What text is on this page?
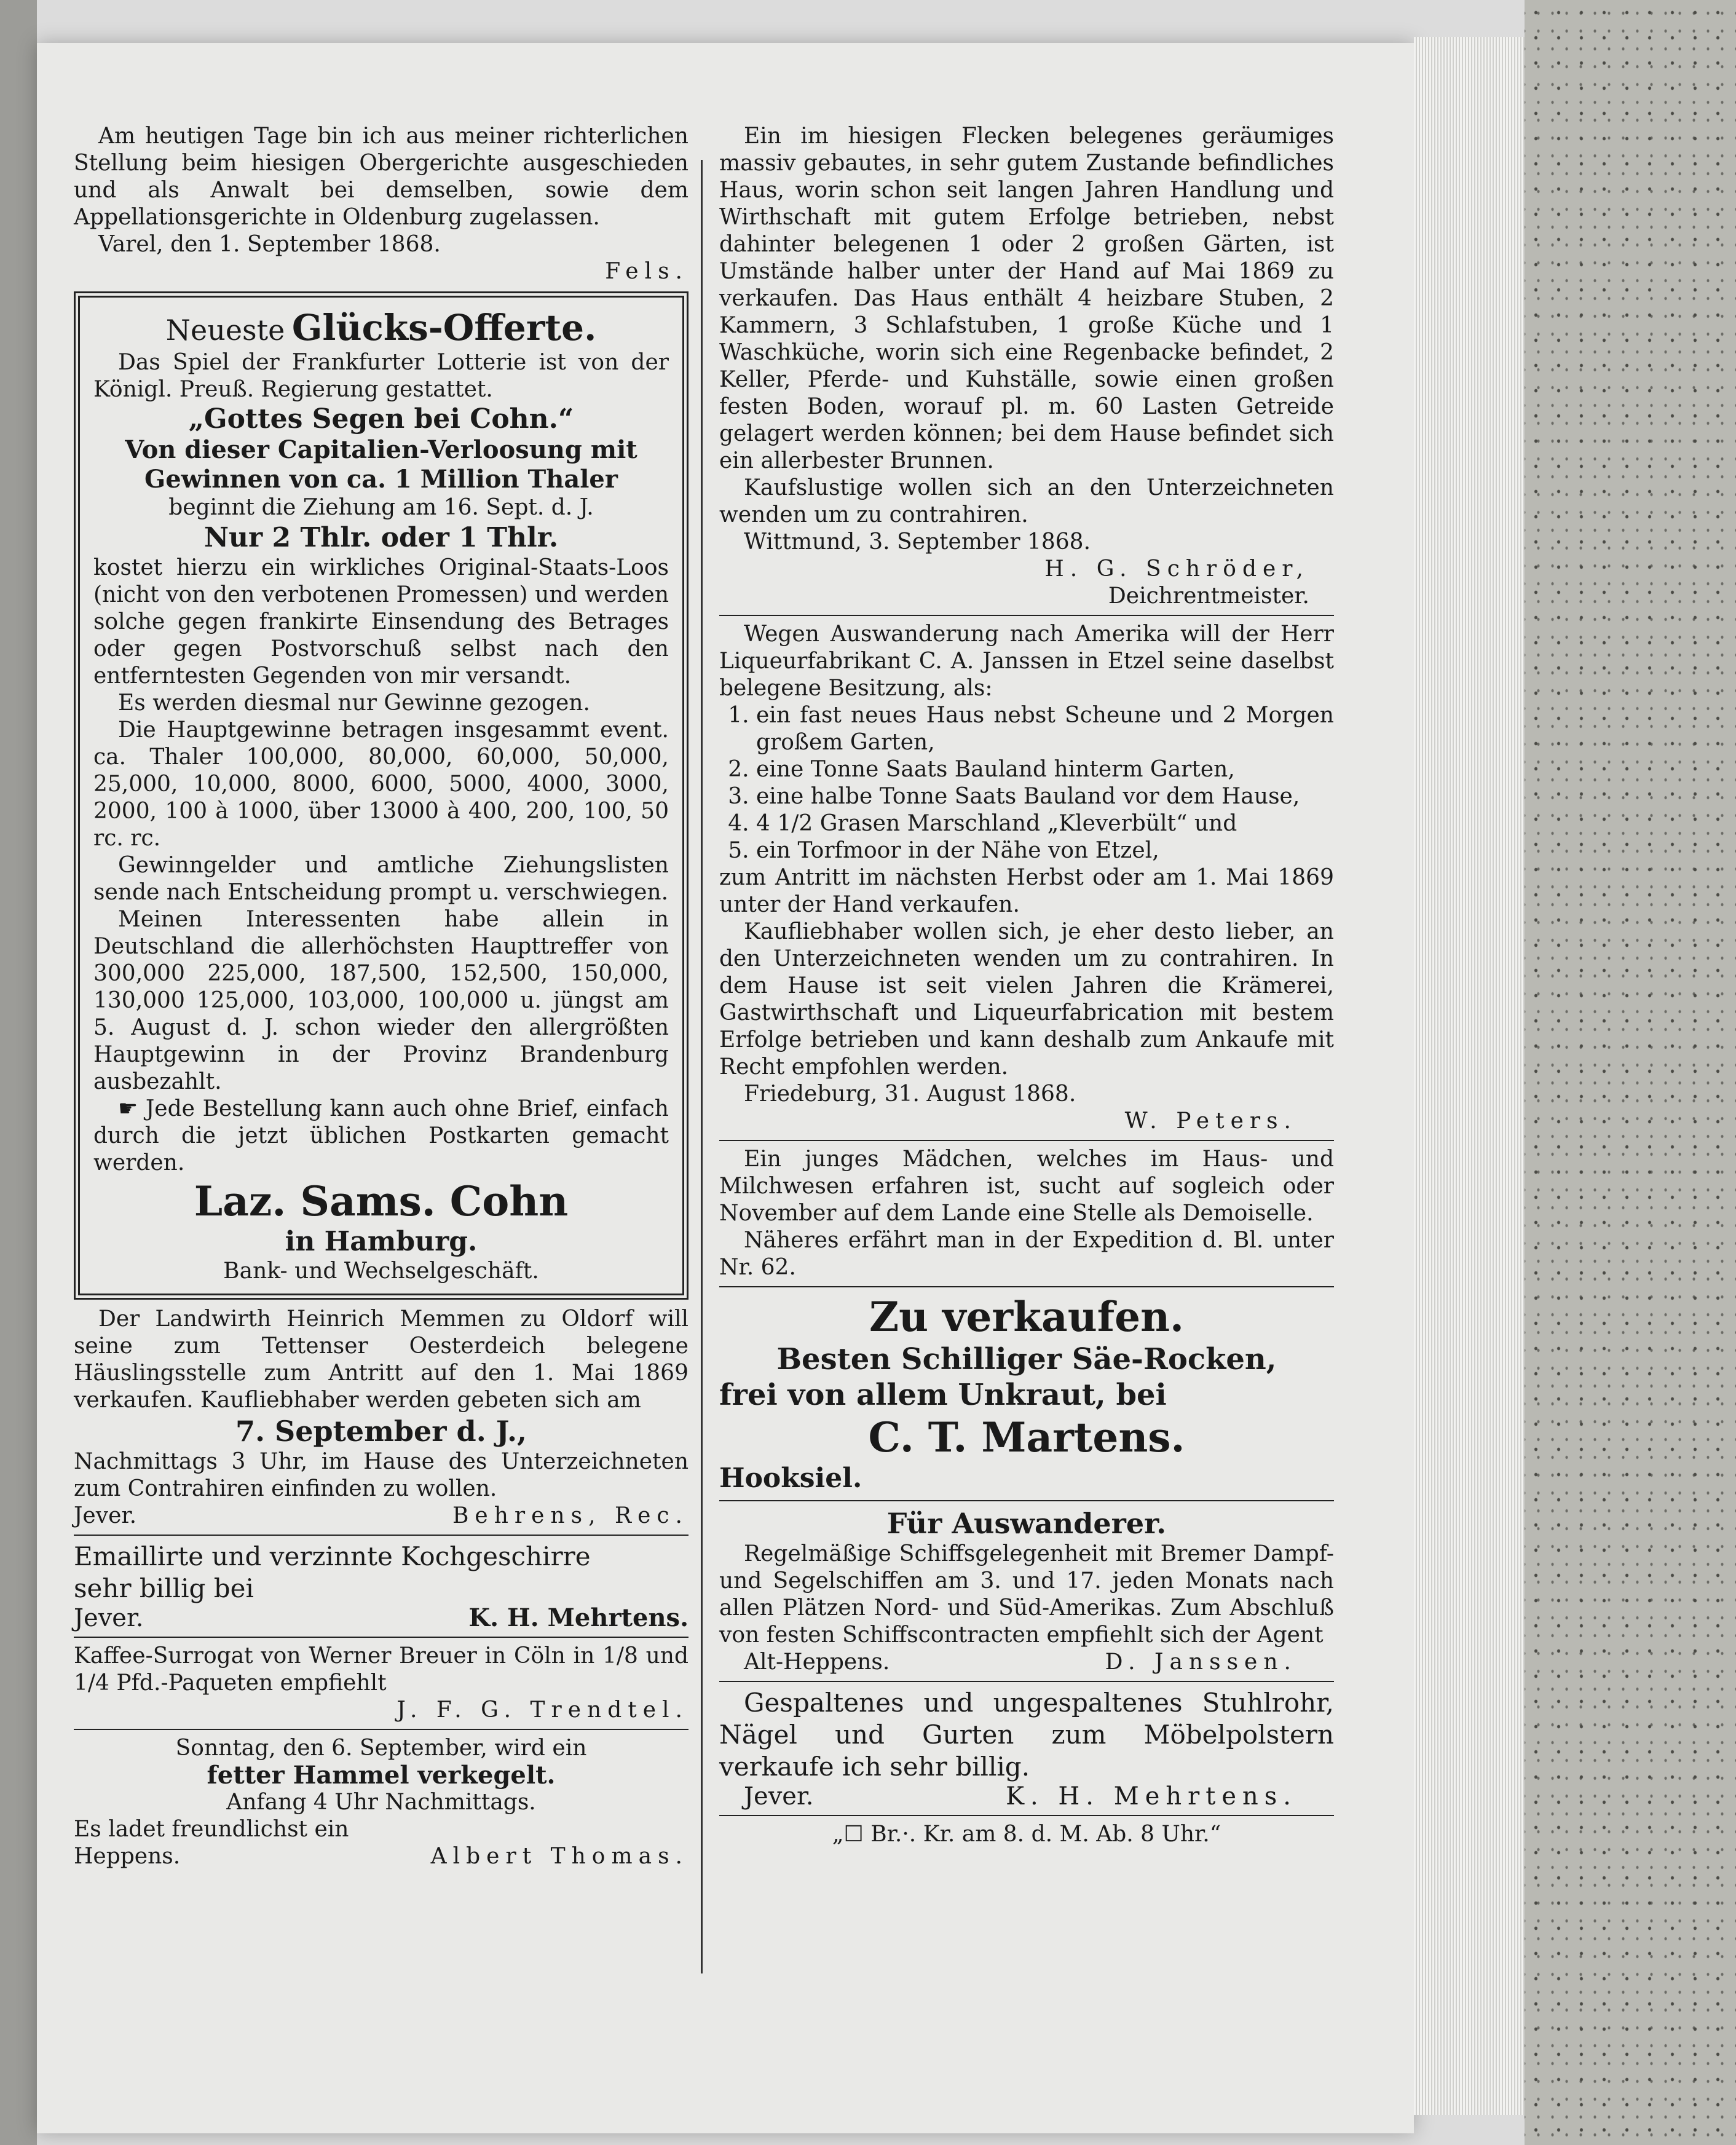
Am heutigen Tage bin ich aus meiner richterlichen Stellung beim hiesigen Obergerichte ausgeschieden und als Anwalt bei demselben, sowie dem Appellationsgerichte in Oldenburg zugelassen.

Varel, den 1. September 1868.

Fels.

Neueste Glücks-Offerte.

Das Spiel der Frankfurter Lotterie ist von der Königl. Preuß. Regierung gestattet.

„Gottes Segen bei Cohn.“

Von dieser Capitalien-Verloosung mit Gewinnen von ca. 1 Million Thaler

beginnt die Ziehung am 16. Sept. d. J.

Nur 2 Thlr. oder 1 Thlr.

kostet hierzu ein wirkliches Original-Staats-Loos (nicht von den verbotenen Promessen) und werden solche gegen frankirte Einsendung des Betrages oder gegen Postvorschuß selbst nach den entferntesten Gegenden von mir versandt.

Es werden diesmal nur Gewinne gezogen.

Die Hauptgewinne betragen insgesammt event. ca. Thaler 100,000, 80,000, 60,000, 50,000, 25,000, 10,000, 8000, 6000, 5000, 4000, 3000, 2000, 100 à 1000, über 13000 à 400, 200, 100, 50 rc. rc.

Gewinngelder und amtliche Ziehungslisten sende nach Entscheidung prompt u. verschwiegen.

Meinen Interessenten habe allein in Deutschland die allerhöchsten Haupttreffer von 300,000 225,000, 187,500, 152,500, 150,000, 130,000 125,000, 103,000, 100,000 u. jüngst am 5. August d. J. schon wieder den allergrößten Hauptgewinn in der Provinz Brandenburg ausbezahlt.

☛ Jede Bestellung kann auch ohne Brief, einfach durch die jetzt üblichen Postkarten gemacht werden.

Laz. Sams. Cohn

in Hamburg.

Bank- und Wechselgeschäft.

Der Landwirth Heinrich Memmen zu Oldorf will seine zum Tettenser Oesterdeich belegene Häuslingsstelle zum Antritt auf den 1. Mai 1869 verkaufen. Kaufliebhaber werden gebeten sich am

7. September d. J.,

Nachmittags 3 Uhr, im Hause des Unterzeichneten zum Contrahiren einfinden zu wollen.

Jever.	Behrens, Rec.

Emaillirte und verzinnte Kochgeschirre

sehr billig bei

Jever.	K. H. Mehrtens.

Kaffee-Surrogat von Werner Breuer in Cöln in 1/8 und 1/4 Pfd.-Paqueten empfiehlt

J. F. G. Trendtel.

Sonntag, den 6. September, wird ein

fetter Hammel verkegelt.

Anfang 4 Uhr Nachmittags.

Es ladet freundlichst ein

Heppens.	Albert Thomas.

Ein im hiesigen Flecken belegenes geräumiges massiv gebautes, in sehr gutem Zustande befindliches Haus, worin schon seit langen Jahren Handlung und Wirthschaft mit gutem Erfolge betrieben, nebst dahinter belegenen 1 oder 2 großen Gärten, ist Umstände halber unter der Hand auf Mai 1869 zu verkaufen. Das Haus enthält 4 heizbare Stuben, 2 Kammern, 3 Schlafstuben, 1 große Küche und 1 Waschküche, worin sich eine Regenbacke befindet, 2 Keller, Pferde- und Kuhställe, sowie einen großen festen Boden, worauf pl. m. 60 Lasten Getreide gelagert werden können; bei dem Hause befindet sich ein allerbester Brunnen.

Kaufslustige wollen sich an den Unterzeichneten wenden um zu contrahiren.

Wittmund, 3. September 1868.

H. G. Schröder,

Deichrentmeister.

Wegen Auswanderung nach Amerika will der Herr Liqueurfabrikant C. A. Janssen in Etzel seine daselbst belegene Besitzung, als:

1. ein fast neues Haus nebst Scheune und 2 Morgen großem Garten,
2. eine Tonne Saats Bauland hinterm Garten,
3. eine halbe Tonne Saats Bauland vor dem Hause,
4. 4 1/2 Grasen Marschland „Kleverbült“ und
5. ein Torfmoor in der Nähe von Etzel,

zum Antritt im nächsten Herbst oder am 1. Mai 1869 unter der Hand verkaufen.

Kaufliebhaber wollen sich, je eher desto lieber, an den Unterzeichneten wenden um zu contrahiren. In dem Hause ist seit vielen Jahren die Krämerei, Gastwirthschaft und Liqueurfabrication mit bestem Erfolge betrieben und kann deshalb zum Ankaufe mit Recht empfohlen werden.

Friedeburg, 31. August 1868.

W. Peters.

Ein junges Mädchen, welches im Haus- und Milchwesen erfahren ist, sucht auf sogleich oder November auf dem Lande eine Stelle als Demoiselle.

Näheres erfährt man in der Expedition d. Bl. unter Nr. 62.

Zu verkaufen.

Besten Schilliger Säe-Rocken,

frei von allem Unkraut, bei

C. T. Martens.

Hooksiel.

Für Auswanderer.

Regelmäßige Schiffsgelegenheit mit Bremer Dampf- und Segelschiffen am 3. und 17. jeden Monats nach allen Plätzen Nord- und Süd-Amerikas. Zum Abschluß von festen Schiffscontracten empfiehlt sich der Agent

Alt-Heppens.	D. Janssen.

Gespaltenes und ungespaltenes Stuhlrohr, Nägel und Gurten zum Möbelpolstern verkaufe ich sehr billig.

Jever.	K. H. Mehrtens.

„☐ Br.·. Kr. am 8. d. M. Ab. 8 Uhr.“
